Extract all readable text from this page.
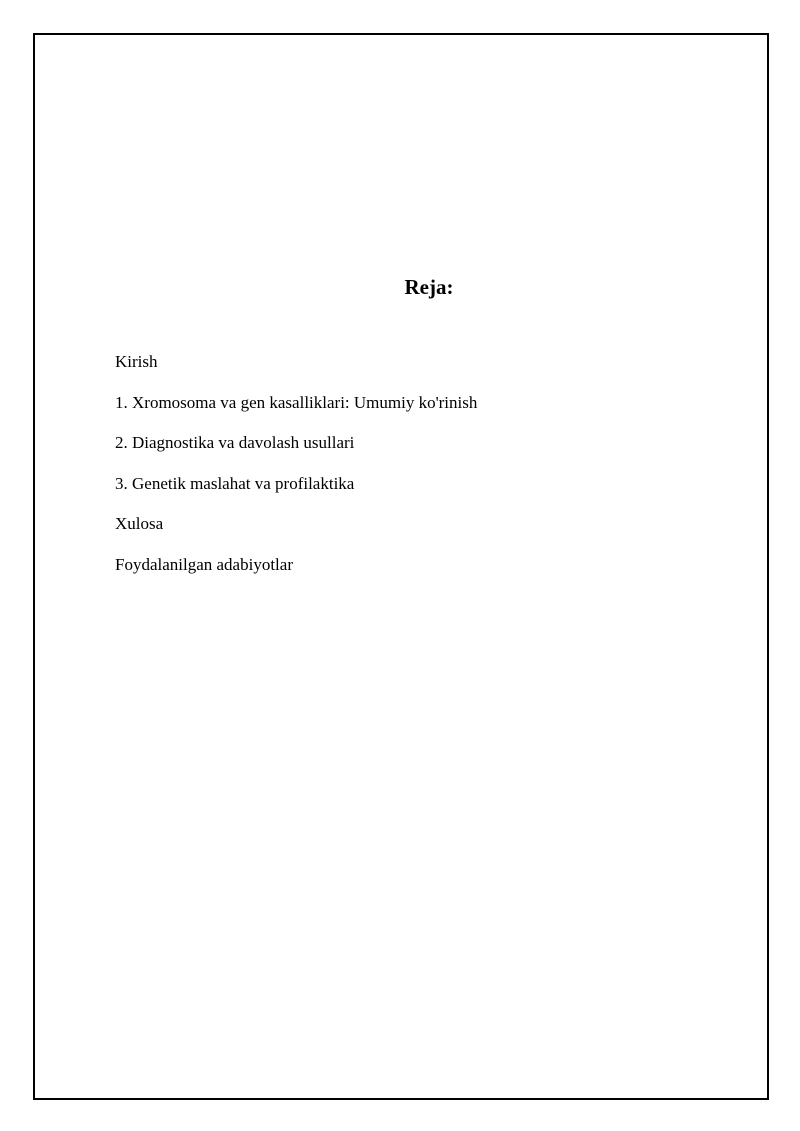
Reja:
Kirish
1. Xromosoma va gen kasalliklari: Umumiy ko'rinish
2. Diagnostika va davolash usullari
3. Genetik maslahat va profilaktika
Xulosa
Foydalanilgan adabiyotlar
